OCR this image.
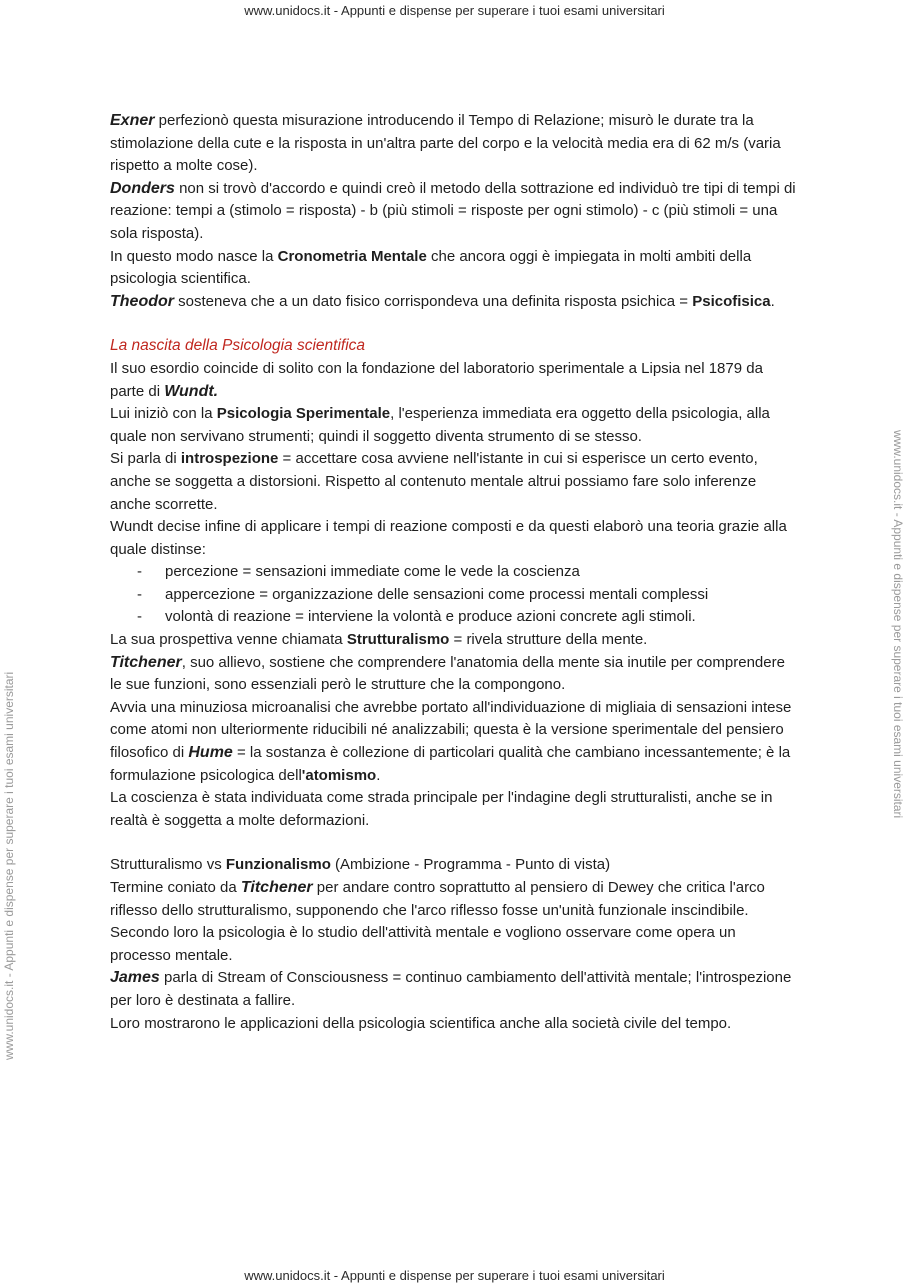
www.unidocs.it - Appunti e dispense per superare i tuoi esami universitari
www.unidocs.it - Appunti e dispense per superare i tuoi esami universitari
www.unidocs.it - Appunti e dispense per superare i tuoi esami universitari

Exner perfezionò questa misurazione introducendo il Tempo di Relazione; misurò le durate tra la stimolazione della cute e la risposta in un'altra parte del corpo e la velocità media era di 62 m/s (varia rispetto a molte cose).

Donders non si trovò d'accordo e quindi creò il metodo della sottrazione ed individuò tre tipi di tempi di reazione: tempi a (stimolo = risposta) - b (più stimoli = risposte per ogni stimolo) - c (più stimoli = una sola risposta).

In questo modo nasce la Cronometria Mentale che ancora oggi è impiegata in molti ambiti della psicologia scientifica.

Theodor sosteneva che a un dato fisico corrispondeva una definita risposta psichica = Psicofisica.

La nascita della Psicologia scientifica

Il suo esordio coincide di solito con la fondazione del laboratorio sperimentale a Lipsia nel 1879 da parte di Wundt.

Lui iniziò con la Psicologia Sperimentale, l'esperienza immediata era oggetto della psicologia, alla quale non servivano strumenti; quindi il soggetto diventa strumento di se stesso.

Si parla di introspezione = accettare cosa avviene nell'istante in cui si esperisce un certo evento, anche se soggetta a distorsioni. Rispetto al contenuto mentale altrui possiamo fare solo inferenze anche scorrette.

Wundt decise infine di applicare i tempi di reazione composti e da questi elaborò una teoria grazie alla quale distinse:

- percezione = sensazioni immediate come le vede la coscienza

- appercezione = organizzazione delle sensazioni come processi mentali complessi

- volontà di reazione = interviene la volontà e produce azioni concrete agli stimoli.

La sua prospettiva venne chiamata Strutturalismo = rivela strutture della mente.

Titchener, suo allievo, sostiene che comprendere l'anatomia della mente sia inutile per comprendere le sue funzioni, sono essenziali però le strutture che la compongono.

Avvia una minuziosa microanalisi che avrebbe portato all'individuazione di migliaia di sensazioni intese come atomi non ulteriormente riducibili né analizzabili; questa è la versione sperimentale del pensiero filosofico di Hume = la sostanza è collezione di particolari qualità che cambiano incessantemente; è la formulazione psicologica dell'atomismo.

La coscienza è stata individuata come strada principale per l'indagine degli strutturalisti, anche se in realtà è soggetta a molte deformazioni.

Strutturalismo vs Funzionalismo (Ambizione - Programma - Punto di vista)

Termine coniato da Titchener per andare contro soprattutto al pensiero di Dewey che critica l'arco riflesso dello strutturalismo, supponendo che l'arco riflesso fosse un'unità funzionale inscindibile.

Secondo loro la psicologia è lo studio dell'attività mentale e vogliono osservare come opera un processo mentale.

James parla di Stream of Consciousness = continuo cambiamento dell'attività mentale; l'introspezione per loro è destinata a fallire.

Loro mostrarono le applicazioni della psicologia scientifica anche alla società civile del tempo.

www.unidocs.it - Appunti e dispense per superare i tuoi esami universitari
